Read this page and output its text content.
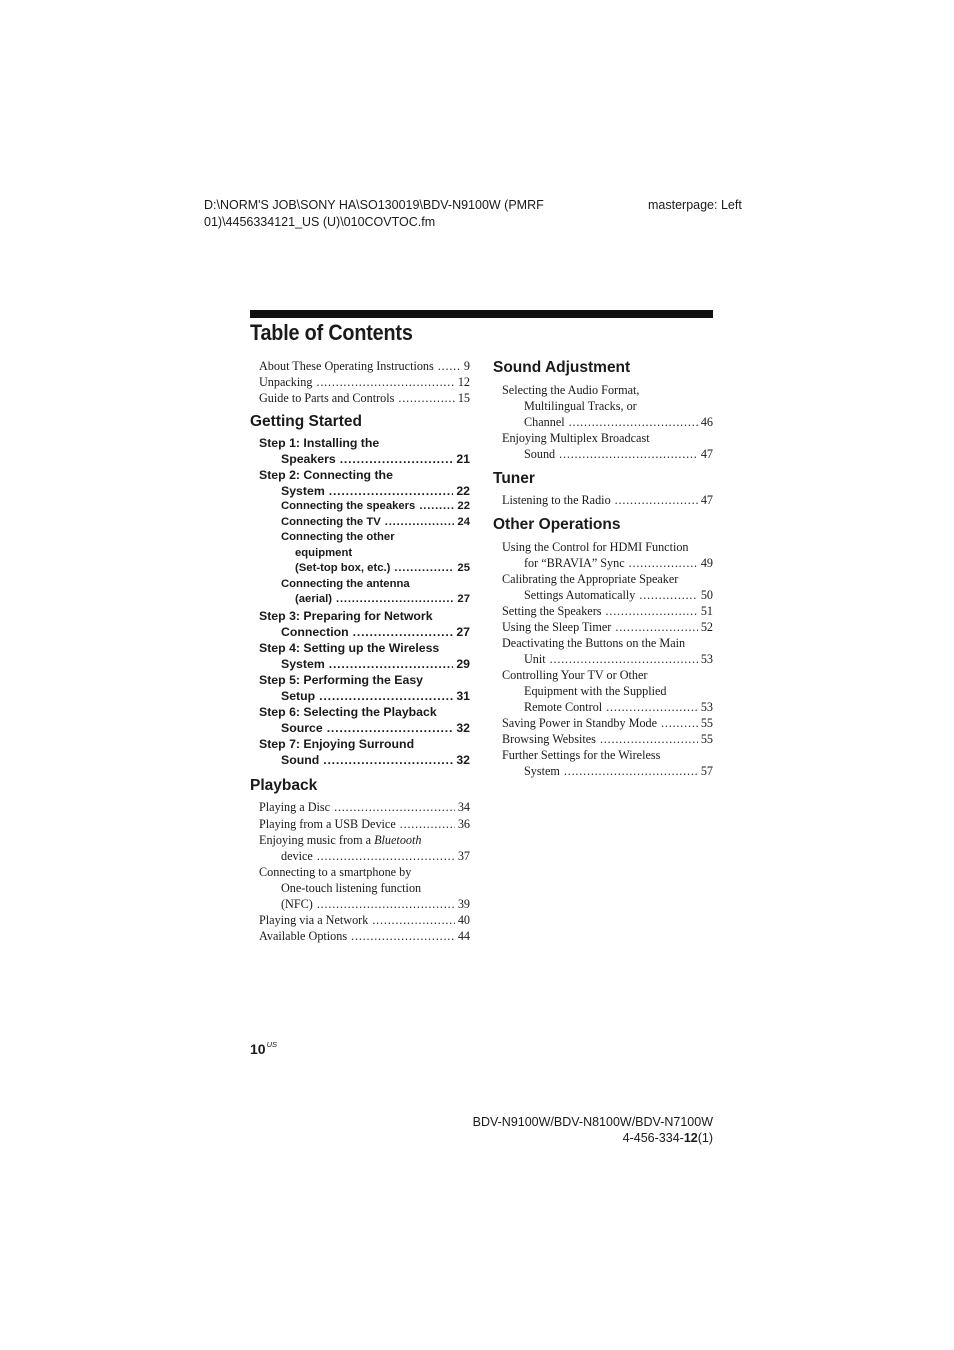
D:\NORM'S JOB\SONY HA\SO130019\BDV-N9100W (PMRF
01)\4456334121_US (U)\010COVTOC.fm
masterpage: Left
Table of Contents
About These Operating Instructions ..... 9
Unpacking .....	12
Guide to Parts and Controls .....	15
Getting Started
Step 1: Installing the
Speakers .....	21
Step 2: Connecting the
System .....	22
Connecting the speakers .....	22
Connecting the TV .....	24
Connecting the other
equipment
(Set-top box, etc.) .....	25
Connecting the antenna
(aerial) .....	27
Step 3: Preparing for Network
Connection .....	27
Step 4: Setting up the Wireless
System .....	29
Step 5: Performing the Easy
Setup .....	31
Step 6: Selecting the Playback
Source .....	32
Step 7: Enjoying Surround
Sound .....	32
Playback
Playing a Disc .....	34
Playing from a USB Device .....	36
Enjoying music from a Bluetooth
device .....	37
Connecting to a smartphone by
One-touch listening function
(NFC) .....	39
Playing via a Network .....	40
Available Options .....	44
Sound Adjustment
Selecting the Audio Format,
Multilingual Tracks, or
Channel .....	46
Enjoying Multiplex Broadcast
Sound .....	47
Tuner
Listening to the Radio .....	47
Other Operations
Using the Control for HDMI Function
for “BRAVIA” Sync .....	49
Calibrating the Appropriate Speaker
Settings Automatically .....	50
Setting the Speakers .....	51
Using the Sleep Timer .....	52
Deactivating the Buttons on the Main
Unit .....	53
Controlling Your TV or Other
Equipment with the Supplied
Remote Control .....	53
Saving Power in Standby Mode .....	55
Browsing Websites .....	55
Further Settings for the Wireless
System .....	57
$10^{US}$
BDV-N9100W/BDV-N8100W/BDV-N7100W
4-456-334-12(1)
